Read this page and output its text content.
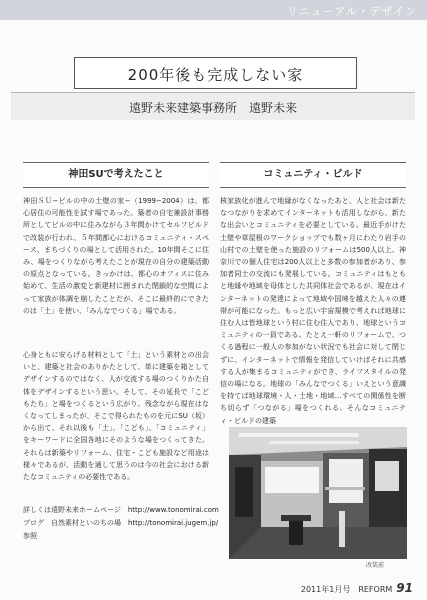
リニューアル・デザイン
200年後も完成しない家
遠野未来建築事務所　遠野未来
神田SUで考えたこと	コミュニティ・ビルド

神田ＳＵ−ビルの中の土壁の家−（1999−2004）は、都心居住の可能性を試す場であった。築者の自宅兼設計事務所としてビルの中に住みながら３年間かけてセルフビルドで改装が行われ、５年間都心におけるコミュニティ・スペース、まちづくりの場として活用された。10年間そこに住み、場をつくりながら考えたことが現在の自分の建築活動の原点となっている。きっかけは、都心のオフィスに住み始めて、生活の激変と新建材に囲まれた閉鎖的な空間によって家族が体調を崩したことだが、そこに最終的にできたのは「土」を使い、「みんなでつくる」場である。

心身ともに安らげる材料として「土」という素材との出会いと、建築と社会のありかたとして、単に建築を箱としてデザインするのではなく、人が交流する場のつくりかた自体をデザインするという思い。そして、その延長で「こどもたち」と場をつくるという広がり。残念ながら現在はなくなってしまったが、そこで得られたものを元にSU（坂）から出て、それ以後も「土」、「こども」、「コミュニティ」をキーワードに全国各地にそのような場をつくってきた。それらは新築やリフォーム、住宅・こども施設など用途は様々であるが、活動を通して思うのは今の社会における新たなコミュニティの必要性である。

詳しくは遠野未来ホームページ　http://www.tonomirai.com

ブログ　自然素材といのちの場　http://tonomirai.jugem.jp/

参照

核家族化が進んで地縁がなくなったあと、人と社会は新たなつながりを求めてインターネットも活用しながら、新たな出会いとコミュニティを必要としている。最近手がけた土壁や草屋根のワークショップでも数ヶ月にわたり岩手の山村での土壁を使った施設のリフォームは500人以上、神奈川での個人住宅は200人以上と多数の参加者があり、参加者同士の交流にも発展している。コミュニティはもともと地縁や地域を母体とした共同体社会であるが、現在はインターネットの発達によって地域や国境を越えた人々の連帯が可能になった。もっと広い宇宙規模で考えれば地球に住む人は皆地球という村に住む住人であり、地球というコミュニティの一員である。たとえ一軒のリフォームで、つくる過程に一般人の参加がない状況でも社会に対して閉じずに、インターネットで情報を発信していけばそれに共感する人が集まるコミュニティができ、ライフスタイルの発信の場になる。地球の「みんなでつくる」いえという意識を持てば地球環境・人・土地・地域…すべての関係性を断ち切らず「つながる」場をつくれる。そんなコミュニティ・ビルドの建築

改装前
2011年1月号　REFORM 91
